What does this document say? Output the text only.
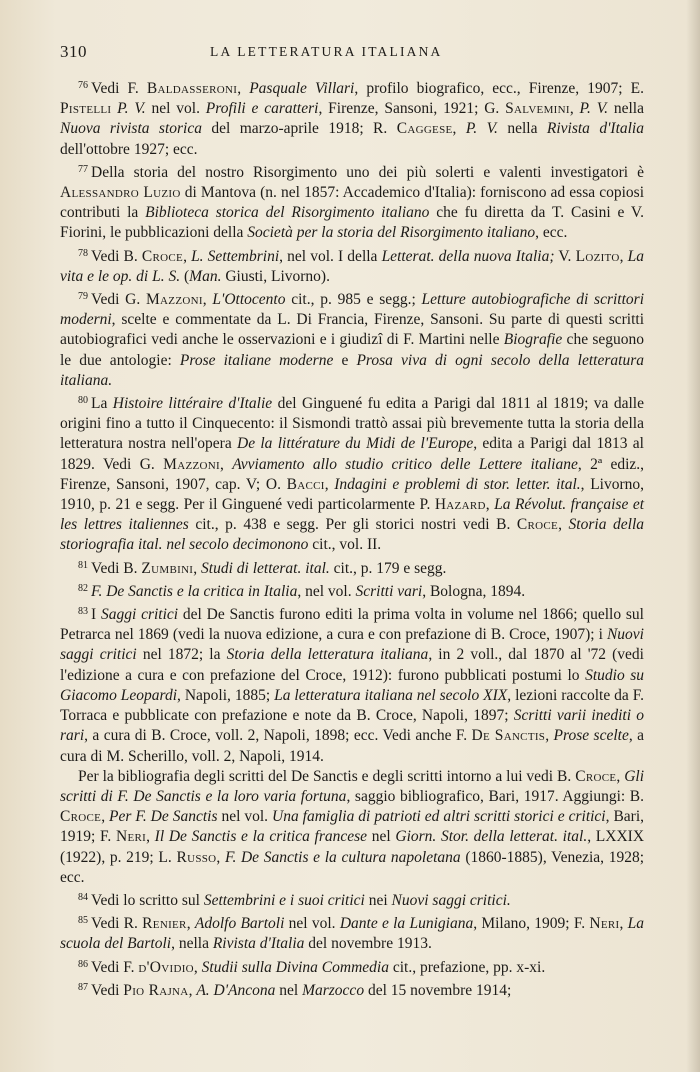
310	LA LETTERATURA ITALIANA

$^{76}$ Vedi F. Baldasseroni, Pasquale Villari, profilo biografico, ecc., Firenze, 1907; E. Pistelli P. V. nel vol. Profili e caratteri, Firenze, Sansoni, 1921; G. Salvemini, P. V. nella Nuova rivista storica del marzo-aprile 1918; R. Caggese, P. V. nella Rivista d'Italia dell'ottobre 1927; ecc.

$^{77}$ Della storia del nostro Risorgimento uno dei più solerti e valenti investigatori è Alessandro Luzio di Mantova (n. nel 1857: Accademico d'Italia): forniscono ad essa copiosi contributi la Biblioteca storica del Risorgimento italiano che fu diretta da T. Casini e V. Fiorini, le pubblicazioni della Società per la storia del Risorgimento italiano, ecc.

$^{78}$ Vedi B. Croce, L. Settembrini, nel vol. I della Letterat. della nuova Italia; V. Lozito, La vita e le op. di L. S. (Man. Giusti, Livorno).

$^{79}$ Vedi G. Mazzoni, L'Ottocento cit., p. 985 e segg.; Letture autobiografiche di scrittori moderni, scelte e commentate da L. Di Francia, Firenze, Sansoni. Su parte di questi scritti autobiografici vedi anche le osservazioni e i giudizî di F. Martini nelle Biografie che seguono le due antologie: Prose italiane moderne e Prosa viva di ogni secolo della letteratura italiana.

$^{80}$ La Histoire littéraire d'Italie del Ginguené fu edita a Parigi dal 1811 al 1819; va dalle origini fino a tutto il Cinquecento: il Sismondi trattò assai più brevemente tutta la storia della letteratura nostra nell'opera De la littérature du Midi de l'Europe, edita a Parigi dal 1813 al 1829. Vedi G. Mazzoni, Avviamento allo studio critico delle Lettere italiane, 2ª ediz., Firenze, Sansoni, 1907, cap. V; O. Bacci, Indagini e problemi di stor. letter. ital., Livorno, 1910, p. 21 e segg. Per il Ginguené vedi particolarmente P. Hazard, La Révolut. française et les lettres italiennes cit., p. 438 e segg. Per gli storici nostri vedi B. Croce, Storia della storiografia ital. nel secolo decimonono cit., vol. II.

$^{81}$ Vedi B. Zumbini, Studi di letterat. ital. cit., p. 179 e segg.

$^{82}$ F. De Sanctis e la critica in Italia, nel vol. Scritti vari, Bologna, 1894.

$^{83}$ I Saggi critici del De Sanctis furono editi la prima volta in volume nel 1866; quello sul Petrarca nel 1869 (vedi la nuova edizione, a cura e con prefazione di B. Croce, 1907); i Nuovi saggi critici nel 1872; la Storia della letteratura italiana, in 2 voll., dal 1870 al '72 (vedi l'edizione a cura e con prefazione del Croce, 1912): furono pubblicati postumi lo Studio su Giacomo Leopardi, Napoli, 1885; La letteratura italiana nel secolo XIX, lezioni raccolte da F. Torraca e pubblicate con prefazione e note da B. Croce, Napoli, 1897; Scritti varii inediti o rari, a cura di B. Croce, voll. 2, Napoli, 1898; ecc. Vedi anche F. De Sanctis, Prose scelte, a cura di M. Scherillo, voll. 2, Napoli, 1914.

Per la bibliografia degli scritti del De Sanctis e degli scritti intorno a lui vedi B. Croce, Gli scritti di F. De Sanctis e la loro varia fortuna, saggio bibliografico, Bari, 1917. Aggiungi: B. Croce, Per F. De Sanctis nel vol. Una famiglia di patrioti ed altri scritti storici e critici, Bari, 1919; F. Neri, Il De Sanctis e la critica francese nel Giorn. Stor. della letterat. ital., LXXIX (1922), p. 219; L. Russo, F. De Sanctis e la cultura napoletana (1860-1885), Venezia, 1928; ecc.

$^{84}$ Vedi lo scritto sul Settembrini e i suoi critici nei Nuovi saggi critici.

$^{85}$ Vedi R. Renier, Adolfo Bartoli nel vol. Dante e la Lunigiana, Milano, 1909; F. Neri, La scuola del Bartoli, nella Rivista d'Italia del novembre 1913.

$^{86}$ Vedi F. d'Ovidio, Studii sulla Divina Commedia cit., prefazione, pp. x-xi.

$^{87}$ Vedi Pio Rajna, A. D'Ancona nel Marzocco del 15 novembre 1914;
